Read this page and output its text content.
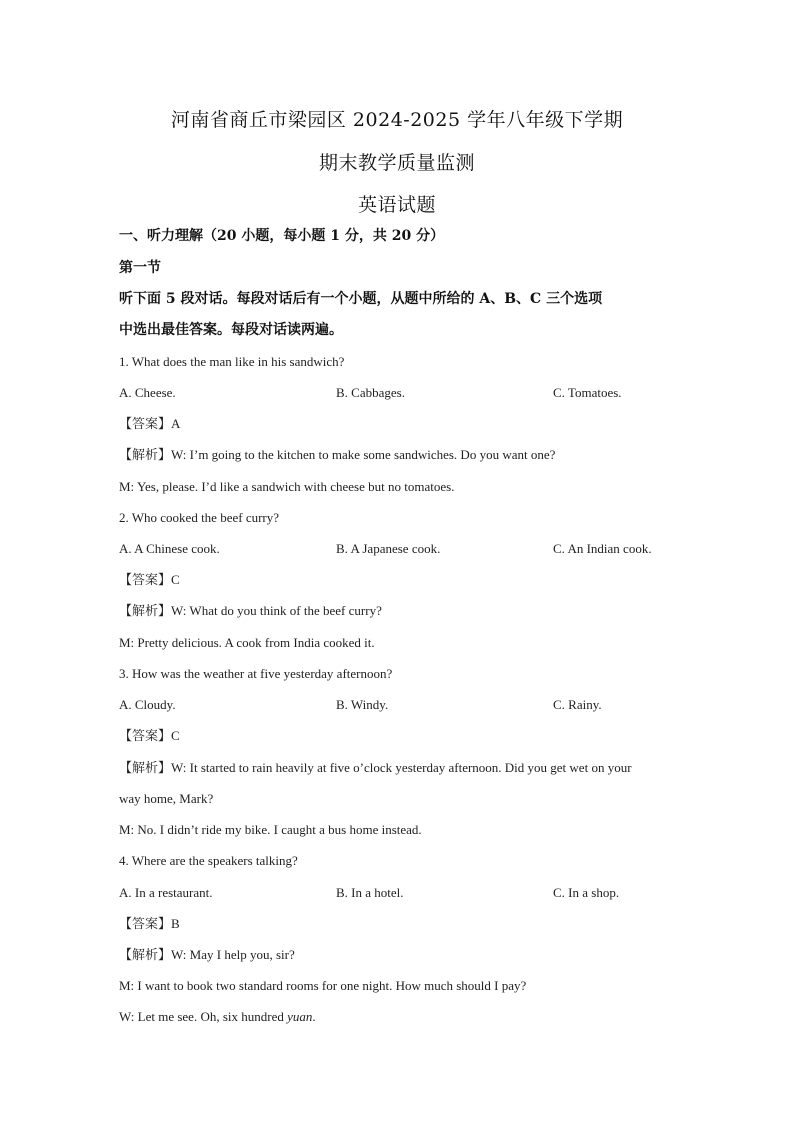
河南省商丘市梁园区 2024-2025 学年八年级下学期
期末教学质量监测
英语试题
一、听力理解（20 小题，每小题 1 分，共 20 分）
第一节
听下面 5 段对话。每段对话后有一个小题，从题中所给的 A、B、C 三个选项
中选出最佳答案。每段对话读两遍。
1. What does the man like in his sandwich?
A. Cheese.	B. Cabbages.	C. Tomatoes.
【答案】A
【解析】W: I’m going to the kitchen to make some sandwiches. Do you want one?
M: Yes, please. I’d like a sandwich with cheese but no tomatoes.
2. Who cooked the beef curry?
A. A Chinese cook.	B. A Japanese cook.	C. An Indian cook.
【答案】C
【解析】W: What do you think of the beef curry?
M: Pretty delicious. A cook from India cooked it.
3. How was the weather at five yesterday afternoon?
A. Cloudy.	B. Windy.	C. Rainy.
【答案】C
【解析】W: It started to rain heavily at five o’clock yesterday afternoon. Did you get wet on your
way home, Mark?
M: No. I didn’t ride my bike. I caught a bus home instead.
4. Where are the speakers talking?
A. In a restaurant.	B. In a hotel.	C. In a shop.
【答案】B
【解析】W: May I help you, sir?
M: I want to book two standard rooms for one night. How much should I pay?
W: Let me see. Oh, six hundred yuan.
